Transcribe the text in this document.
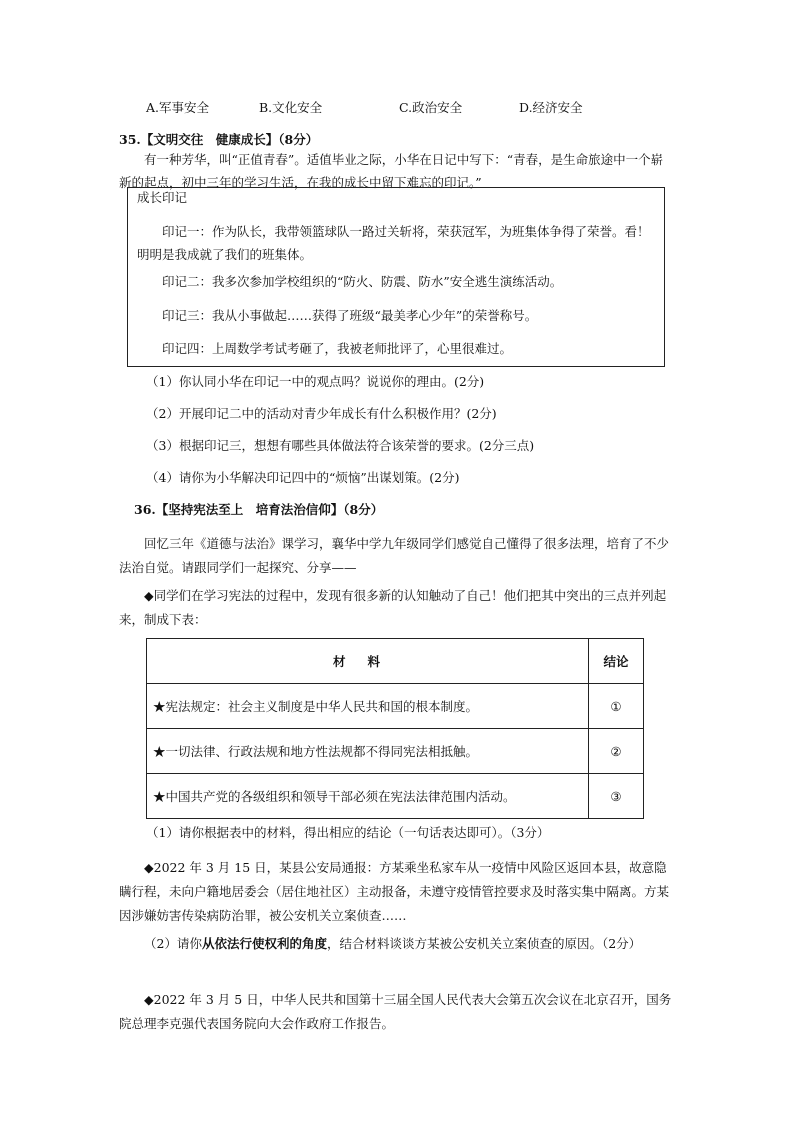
A.军事安全	B.文化安全	C.政治安全	D.经济安全
35.【文明交往　健康成长】（8分）
有一种芳华，叫“正值青春”。适值毕业之际，小华在日记中写下：“青春，是生命旅途中一个崭新的起点，初中三年的学习生活，在我的成长中留下难忘的印记。”
成长印记
印记一：作为队长，我带领篮球队一路过关斩将，荣获冠军，为班集体争得了荣誉。看！明明是我成就了我们的班集体。
印记二：我多次参加学校组织的“防火、防震、防水”安全逃生演练活动。
印记三：我从小事做起……获得了班级“最美孝心少年”的荣誉称号。
印记四：上周数学考试考砸了，我被老师批评了，心里很难过。
（1）你认同小华在印记一中的观点吗？说说你的理由。(2分)
（2）开展印记二中的活动对青少年成长有什么积极作用？(2分)
（3）根据印记三，想想有哪些具体做法符合该荣誉的要求。(2分三点)
（4）请你为小华解决印记四中的“烦恼”出谋划策。(2分)
36.【坚持宪法至上　培育法治信仰】（8分）
回忆三年《道德与法治》课学习，襄华中学九年级同学们感觉自己懂得了很多法理，培育了不少法治自觉。请跟同学们一起探究、分享——
◆同学们在学习宪法的过程中，发现有很多新的认知触动了自己！他们把其中突出的三点并列起来，制成下表：
材料	结论
★宪法规定：社会主义制度是中华人民共和国的根本制度。	①
★一切法律、行政法规和地方性法规都不得同宪法相抵触。	②
★中国共产党的各级组织和领导干部必须在宪法法律范围内活动。	③
（1）请你根据表中的材料，得出相应的结论（一句话表达即可）。（3分）
◆2022 年 3 月 15 日，某县公安局通报：方某乘坐私家车从一疫情中风险区返回本县，故意隐瞒行程，未向户籍地居委会（居住地社区）主动报备，未遵守疫情管控要求及时落实集中隔离。方某因涉嫌妨害传染病防治罪，被公安机关立案侦查……
（2）请你从依法行使权利的角度，结合材料谈谈方某被公安机关立案侦查的原因。（2分）
◆2022 年 3 月 5 日，中华人民共和国第十三届全国人民代表大会第五次会议在北京召开，国务院总理李克强代表国务院向大会作政府工作报告。
